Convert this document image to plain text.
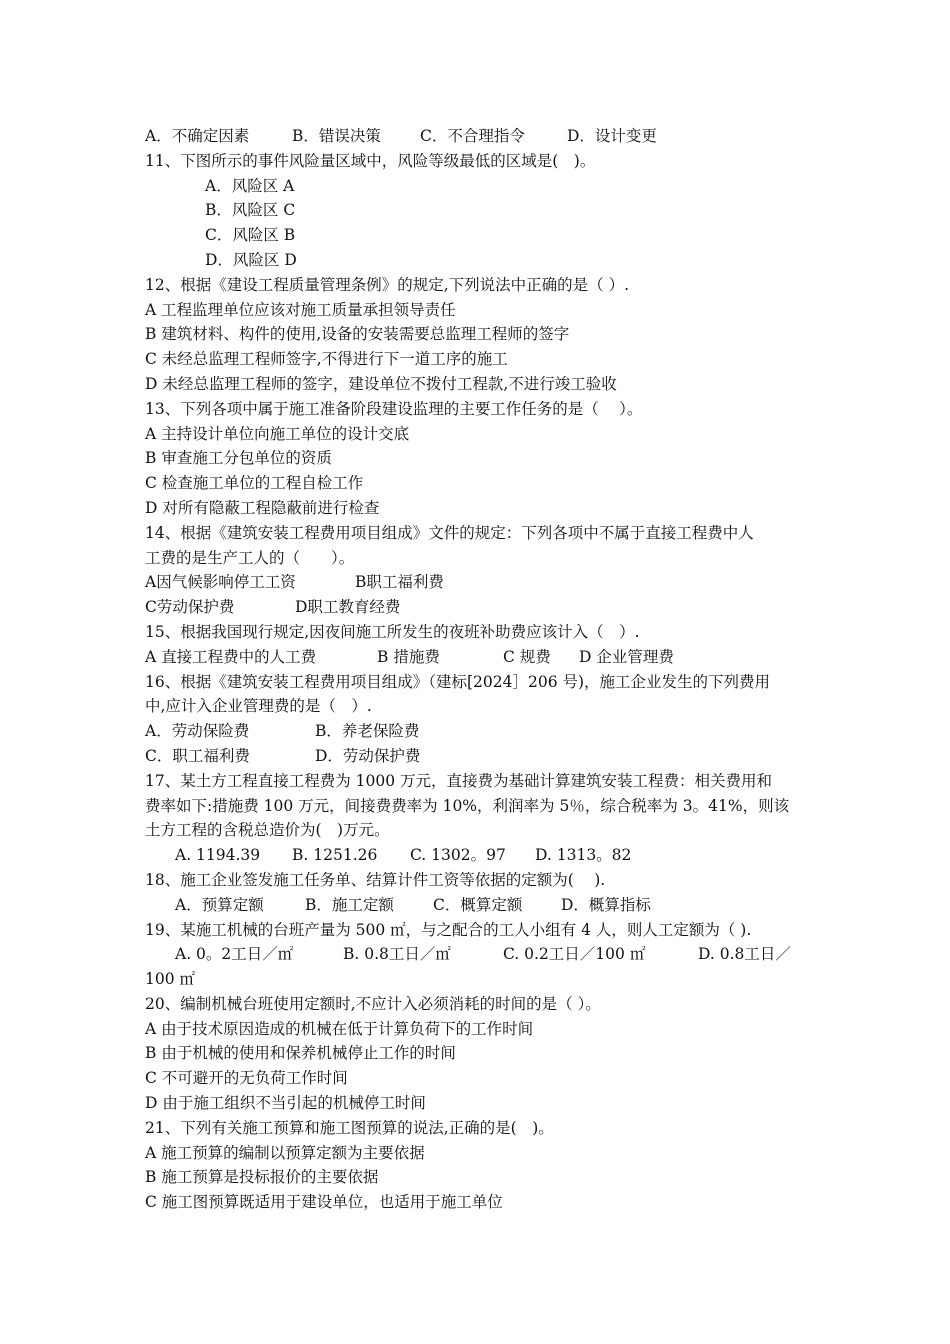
A．不确定因素	B．错误决策	C．不合理指令	D．设计变更
11、下图所示的事件风险量区域中，风险等级最低的区域是(　)。
A．风险区 A
B．风险区 C
C．风险区 B
D．风险区 D
12、根据《建设工程质量管理条例》的规定,下列说法中正确的是（ ）.
A 工程监理单位应该对施工质量承担领导责任
B 建筑材料、构件的使用,设备的安装需要总监理工程师的签字
C 未经总监理工程师签字,不得进行下一道工序的施工
D 未经总监理工程师的签字，建设单位不拨付工程款,不进行竣工验收
13、下列各项中属于施工准备阶段建设监理的主要工作任务的是（　 ）。
A 主持设计单位向施工单位的设计交底
B 审查施工分包单位的资质
C 检查施工单位的工程自检工作
D 对所有隐蔽工程隐蔽前进行检查
14、根据《建筑安装工程费用项目组成》文件的规定：下列各项中不属于直接工程费中人
工费的是生产工人的（　　）。
A因气候影响停工工资	B职工福利费
C劳动保护费	D职工教育经费
15、根据我国现行规定,因夜间施工所发生的夜班补助费应该计入（　）.
A 直接工程费中的人工费	B 措施费	C 规费 D 企业管理费
16、根据《建筑安装工程费用项目组成》（建标[2024］206 号)，施工企业发生的下列费用
中,应计入企业管理费的是（　）.
A．劳动保险费	B．养老保险费
C．职工福利费	D．劳动保护费
17、某土方工程直接工程费为 1000 万元，直接费为基础计算建筑安装工程费：相关费用和
费率如下:措施费 100 万元，间接费费率为 10%，利润率为 5％，综合税率为 3。41%，则该
土方工程的含税总造价为(　)万元。
A. 1194.39 B. 1251.26 C. 1302。97 D. 1313。82
18、施工企业签发施工任务单、结算计件工资等依据的定额为(　 ).
A．预算定额	B．施工定额	C．概算定额 D．概算指标
19、某施工机械的台班产量为 500 ㎡，与之配合的工人小组有 4 人，则人工定额为（ ).
A. 0。2工日／㎡	B. 0.8工日／㎡	C. 0.2工日／100 ㎡	D. 0.8工日／
100 ㎡
20、编制机械台班使用定额时,不应计入必须消耗的时间的是（ ）。
A 由于技术原因造成的机械在低于计算负荷下的工作时间
B 由于机械的使用和保养机械停止工作的时间
C 不可避开的无负荷工作时间
D 由于施工组织不当引起的机械停工时间
21、下列有关施工预算和施工图预算的说法,正确的是(　)。
A 施工预算的编制以预算定额为主要依据
B 施工预算是投标报价的主要依据
C 施工图预算既适用于建设单位，也适用于施工单位
